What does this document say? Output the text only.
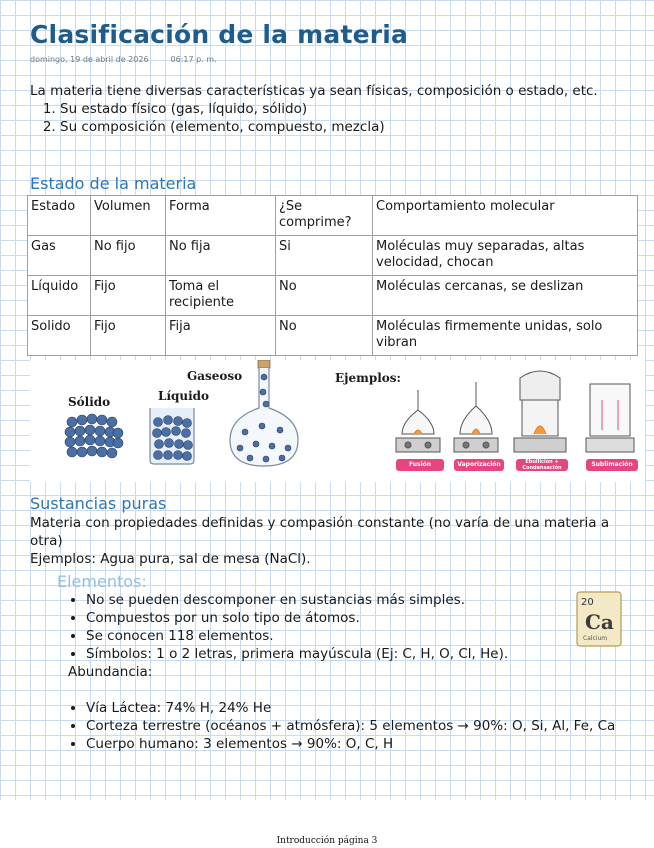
Clasificación de la materia
domingo, 19 de abril de 2026	06:17 p. m.
La materia tiene diversas características ya sean físicas, composición o estado, etc.
1. Su estado físico (gas, líquido, sólido)
2. Su composición (elemento, compuesto, mezcla)
Estado de la materia
Estado	Volumen	Forma	¿Se comprime?	Comportamiento molecular
Gas	No fijo	No fija	Si	Moléculas muy separadas, altas velocidad, chocan
Líquido	Fijo	Toma el recipiente	No	Moléculas cercanas, se deslizan
Solido	Fijo	Fija	No	Moléculas firmemente unidas, solo vibran
Sólido	Líquido
Gaseoso	Ejemplos:
Fusión	Vaporización	Ebullición + Condensación	Sublimación
Sustancias puras
Materia con propiedades definidas y compasión constante (no varía de una materia a otra)
Ejemplos: Agua pura, sal de mesa (NaCl).
Elementos:
• No se pueden descomponer en sustancias más simples.
• Compuestos por un solo tipo de átomos.
• Se conocen 118 elementos.
• Símbolos: 1 o 2 letras, primera mayúscula (Ej: C, H, O, Cl, He).
Abundancia:
• Vía Láctea: 74% H, 24% He
• Corteza terrestre (océanos + atmósfera): 5 elementos → 90%: O, Si, Al, Fe, Ca
• Cuerpo humano: 3 elementos → 90%: O, C, H
20
Ca
Calcium
Introducción página 3
